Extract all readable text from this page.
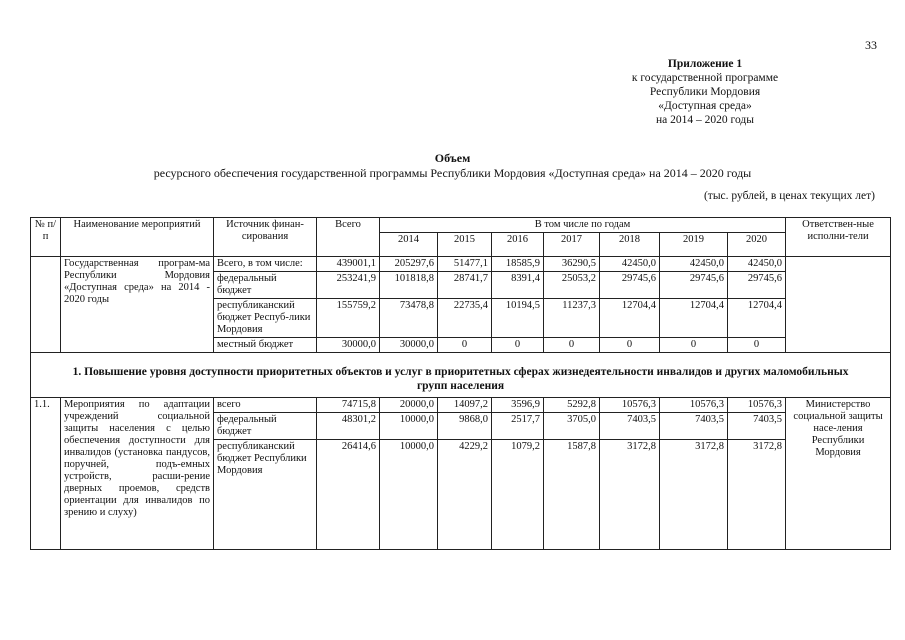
33
Приложение 1
к государственной программе
Республики Мордовия
«Доступная среда»
на 2014 – 2020 годы
Объем
ресурсного обеспечения государственной программы Республики Мордовия «Доступная среда» на 2014 – 2020 годы
(тыс. рублей, в ценах текущих лет)
№ п/п	Наименование мероприятий	Источник финан-сирования	Всего	В том числе по годам							Ответствен-ные исполни-тели
				2014	2015	2016	2017	2018	2019	2020	
	Государственная програм-ма Республики Мордовия «Доступная среда» на 2014 - 2020 годы	Всего, в том числе:	439001,1	205297,6	51477,1	18585,9	36290,5	42450,0	42450,0	42450,0	
		федеральный бюджет	253241,9	101818,8	28741,7	8391,4	25053,2	29745,6	29745,6	29745,6	
		республиканский бюджет Респуб-лики Мордовия	155759,2	73478,8	22735,4	10194,5	11237,3	12704,4	12704,4	12704,4	
		местный бюджет	30000,0	30000,0	0	0	0	0	0	0	
1. Повышение уровня доступности приоритетных объектов и услуг в приоритетных сферах жизнедеятельности инвалидов и других маломобильных групп населения											
1.1.	Мероприятия по адаптации учреждений социальной защиты населения с целью обеспечения доступности для инвалидов (установка пандусов, поручней, подъ-емных устройств, расши-рение дверных проемов, средств ориентации для инвалидов по зрению и слуху)	всего	74715,8	20000,0	14097,2	3596,9	5292,8	10576,3	10576,3	10576,3	Министерство социальной защиты насе-ления Республики Мордовия
		федеральный бюджет	48301,2	10000,0	9868,0	2517,7	3705,0	7403,5	7403,5	7403,5	
		республиканский бюджет Республики Мордовия	26414,6	10000,0	4229,2	1079,2	1587,8	3172,8	3172,8	3172,8	
